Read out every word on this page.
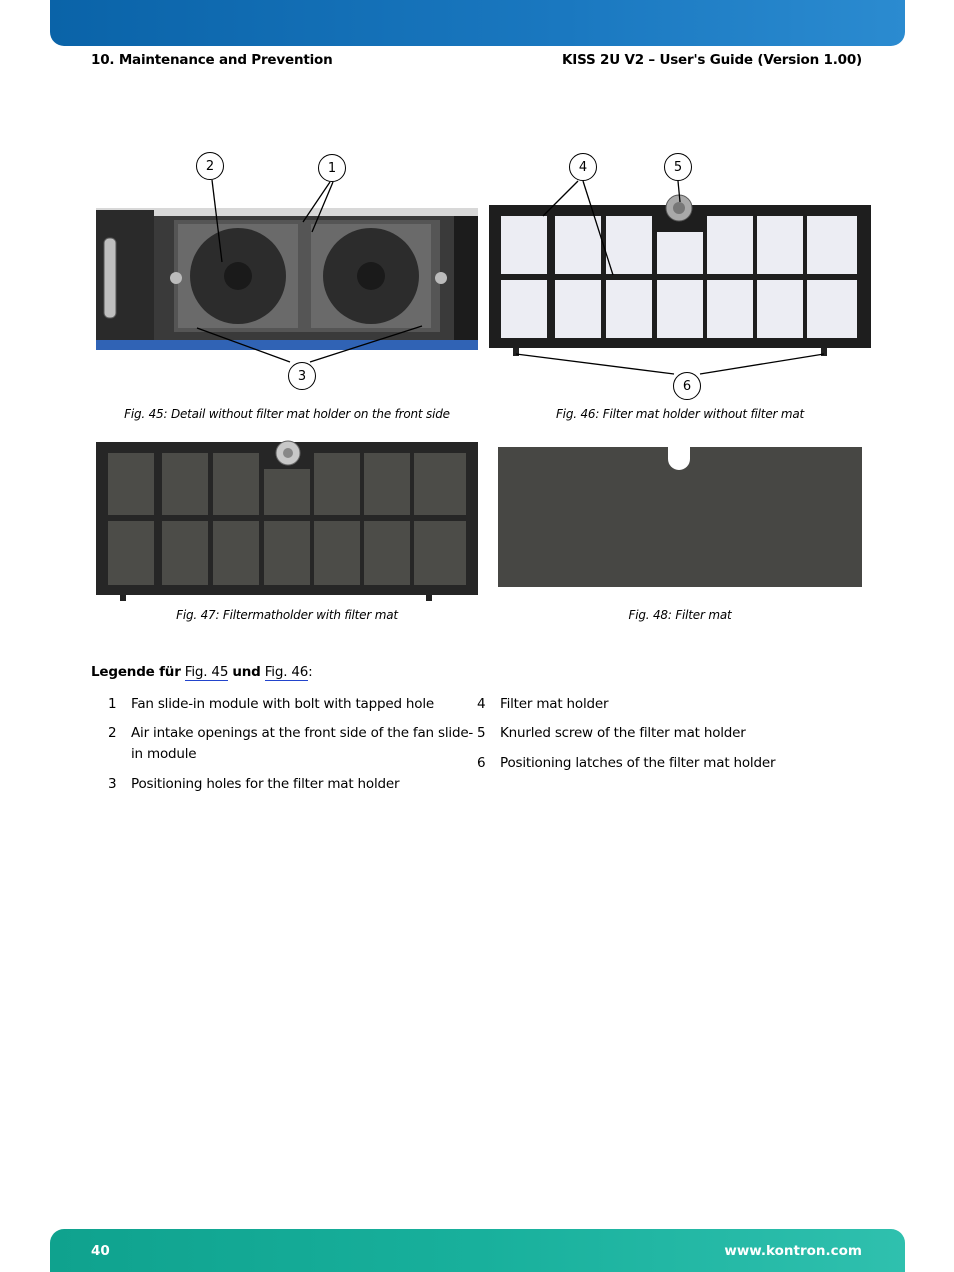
10. Maintenance and Prevention	KISS 2U V2 – User's Guide (Version 1.00)
2	1
3
4	5
6
Fig. 45: Detail without filter mat holder on the front side	Fig. 46: Filter mat holder without filter mat
Fig. 47: Filtermatholder with filter mat	Fig. 48: Filter mat
Legende für Fig. 45 und Fig. 46:
1 Fan slide-in module with bolt with tapped hole
2 Air intake openings at the front side of the fan slide-
in module
3 Positioning holes for the filter mat holder
4 Filter mat holder
5 Knurled screw of the filter mat holder
6 Positioning latches of the filter mat holder
40	www.kontron.com
